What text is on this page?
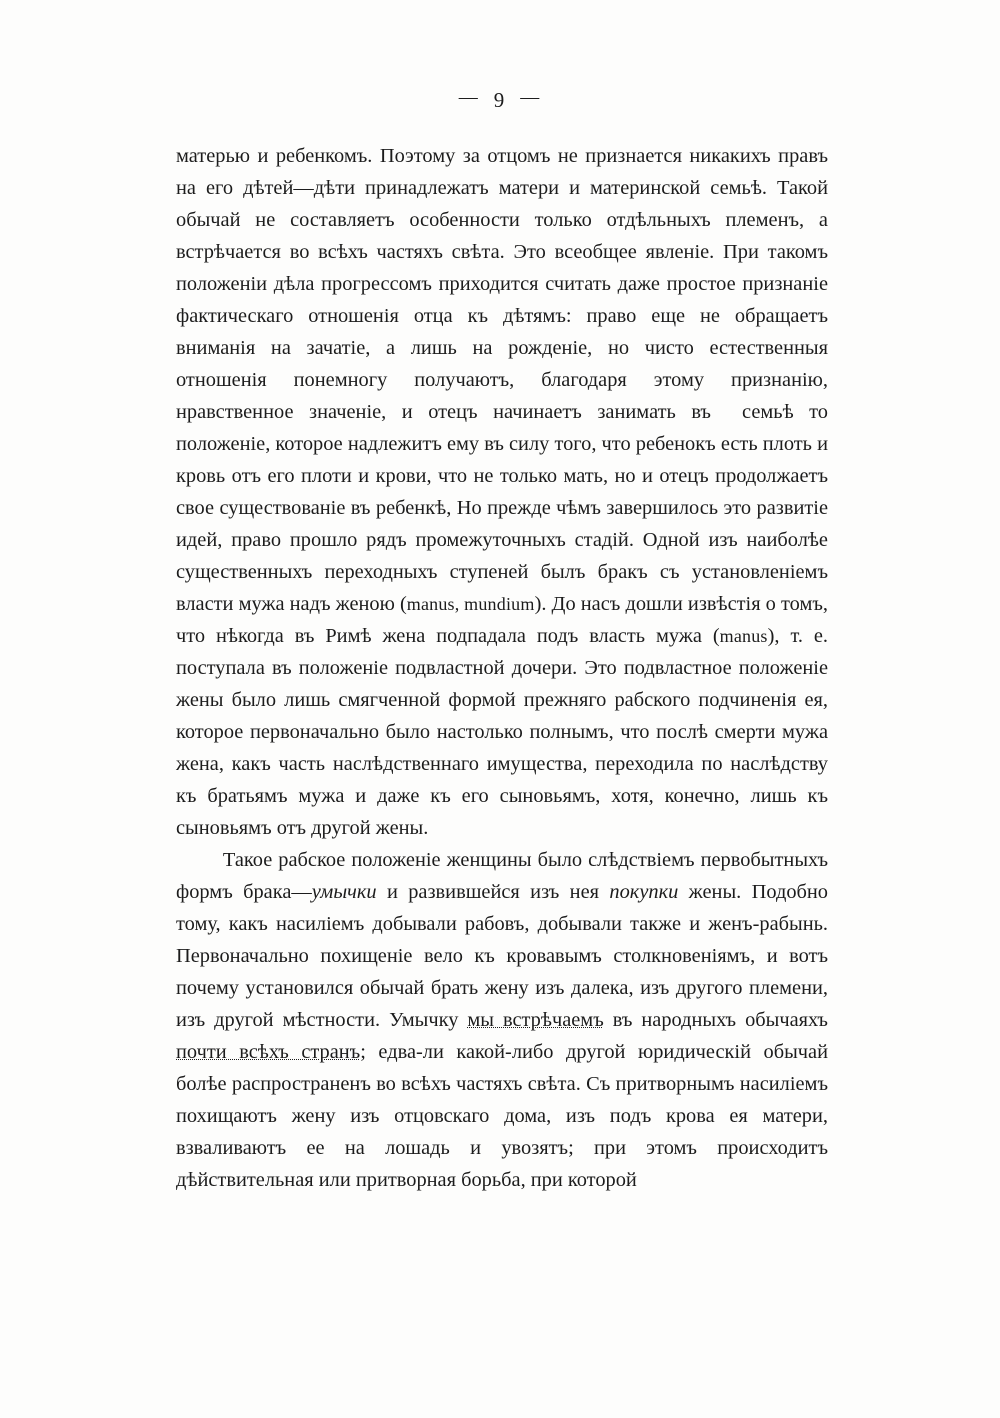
— 9 —

матерью и ребенкомъ. Поэтому за отцомъ не признается никакихъ правъ на его дѣтей—дѣти принадлежатъ матери и материнской семьѣ. Такой обычай не составляетъ особенности только отдѣльныхъ племенъ, а встрѣчается во всѣхъ частяхъ свѣта. Это всеобщее явленіе. При такомъ положеніи дѣла прогрессомъ приходится считать даже простое признаніе фактическаго отношенія отца къ дѣтямъ: право еще не обращаетъ вниманія на зачатіе, а лишь на рожденіе, но чисто естественныя отношенія понемногу получаютъ, благодаря этому признанію, нравственное значеніе, и отецъ начинаетъ занимать въ  семьѣ то положеніе, которое надлежитъ ему въ силу того, что ребенокъ есть плоть и кровь отъ его плоти и крови, что не только мать, но и отецъ продолжаетъ свое существованіе въ ребенкѣ, Но прежде чѣмъ завершилось это развитіе идей, право прошло рядъ промежуточныхъ стадій. Одной изъ наиболѣе существенныхъ переходныхъ ступеней былъ бракъ съ установленіемъ власти мужа надъ женою (manus, mundium). До насъ дошли извѣстія о томъ, что нѣкогда въ Римѣ жена подпадала подъ власть мужа (manus), т. е. поступала въ положеніе подвластной дочери. Это подвластное положеніе жены было лишь смягченной формой прежняго рабского подчиненія ея, которое первоначально было настолько полнымъ, что послѣ смерти мужа жена, какъ часть наслѣдственнаго имущества, переходила по наслѣдству къ братьямъ мужа и даже къ его сыновьямъ, хотя, конечно, лишь къ сыновьямъ отъ другой жены.

Такое рабское положеніе женщины было слѣдствіемъ первобытныхъ формъ брака—умычки и развившейся изъ нея покупки жены. Подобно тому, какъ насиліемъ добывали рабовъ, добывали также и женъ-рабынь. Первоначально похищеніе вело къ кровавымъ столкновеніямъ, и вотъ почему установился обычай брать жену изъ далека, изъ другого племени, изъ другой мѣстности. Умычку мы встрѣчаемъ въ народныхъ обычаяхъ почти всѣхъ странъ; едва-ли какой-либо другой юридическій обычай болѣе распространенъ во всѣхъ частяхъ свѣта. Съ притворнымъ насиліемъ похищаютъ жену изъ отцовскаго дома, изъ подъ крова ея матери, взваливаютъ ее на лошадь и увозятъ; при этомъ происходитъ дѣйствительная или притворная борьба, при которой
